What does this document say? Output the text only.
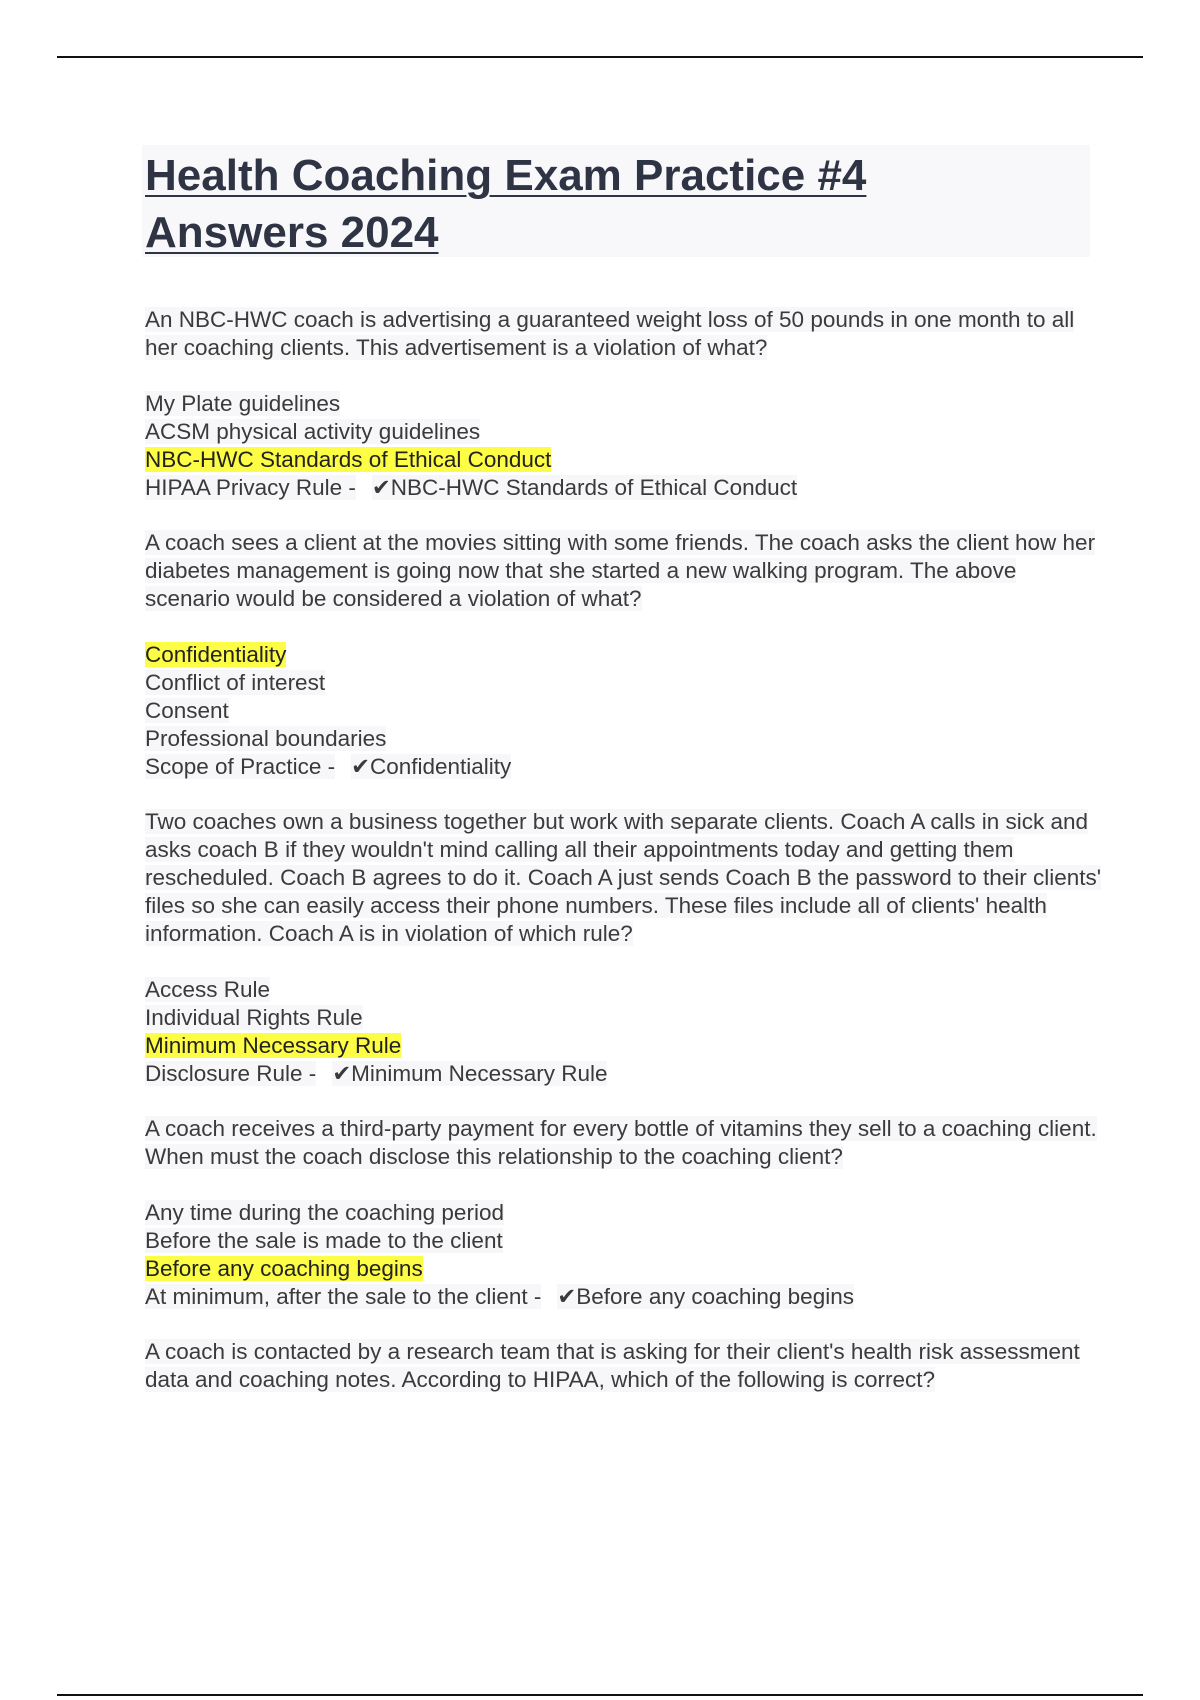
Health Coaching Exam Practice #4 Answers 2024

An NBC-HWC coach is advertising a guaranteed weight loss of 50 pounds in one month to all her coaching clients. This advertisement is a violation of what?

My Plate guidelines
ACSM physical activity guidelines
NBC-HWC Standards of Ethical Conduct
HIPAA Privacy Rule - ✔NBC-HWC Standards of Ethical Conduct

A coach sees a client at the movies sitting with some friends. The coach asks the client how her diabetes management is going now that she started a new walking program. The above scenario would be considered a violation of what?

Confidentiality
Conflict of interest
Consent
Professional boundaries
Scope of Practice - ✔Confidentiality

Two coaches own a business together but work with separate clients. Coach A calls in sick and asks coach B if they wouldn't mind calling all their appointments today and getting them rescheduled. Coach B agrees to do it. Coach A just sends Coach B the password to their clients' files so she can easily access their phone numbers. These files include all of clients' health information. Coach A is in violation of which rule?

Access Rule
Individual Rights Rule
Minimum Necessary Rule
Disclosure Rule - ✔Minimum Necessary Rule

A coach receives a third-party payment for every bottle of vitamins they sell to a coaching client. When must the coach disclose this relationship to the coaching client?

Any time during the coaching period
Before the sale is made to the client
Before any coaching begins
At minimum, after the sale to the client - ✔Before any coaching begins

A coach is contacted by a research team that is asking for their client's health risk assessment data and coaching notes. According to HIPAA, which of the following is correct?
